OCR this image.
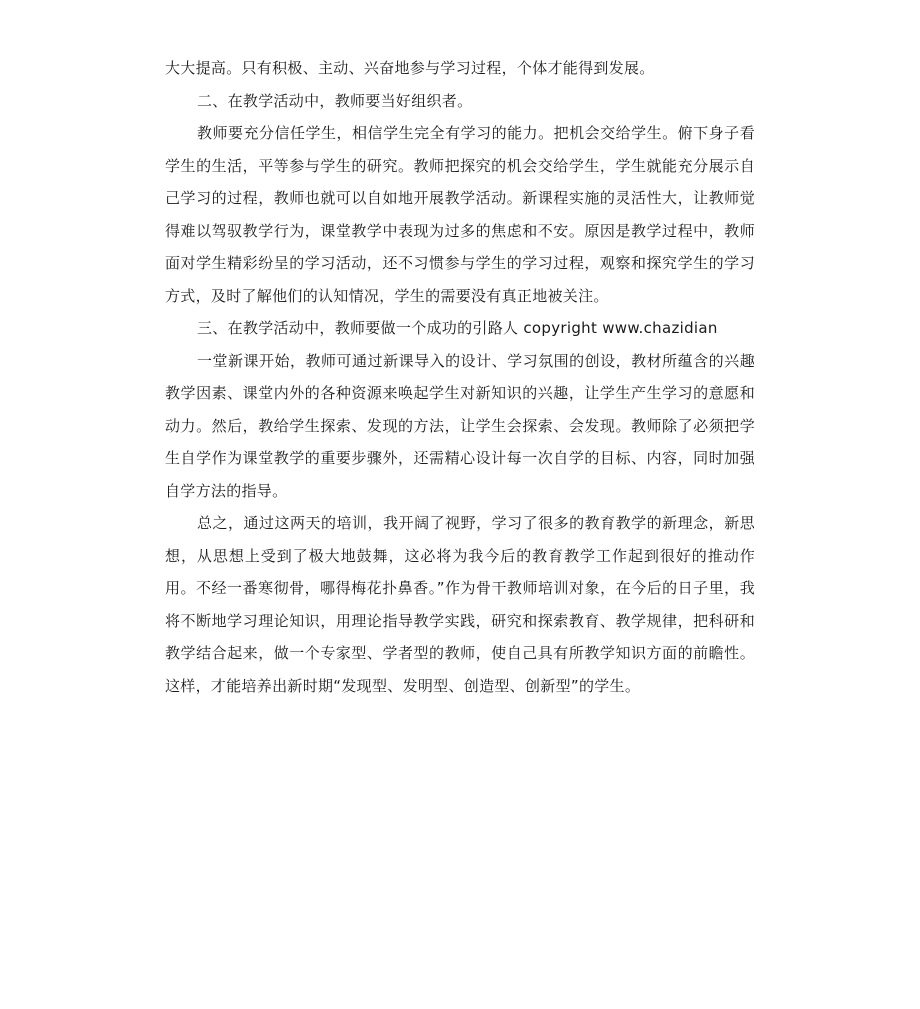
大大提高。只有积极、主动、兴奋地参与学习过程，个体才能得到发展。

二、在教学活动中，教师要当好组织者。

教师要充分信任学生，相信学生完全有学习的能力。把机会交给学生。俯下身子看学生的生活，平等参与学生的研究。教师把探究的机会交给学生，学生就能充分展示自己学习的过程，教师也就可以自如地开展教学活动。新课程实施的灵活性大，让教师觉得难以驾驭教学行为，课堂教学中表现为过多的焦虑和不安。原因是教学过程中，教师面对学生精彩纷呈的学习活动，还不习惯参与学生的学习过程，观察和探究学生的学习方式，及时了解他们的认知情况，学生的需要没有真正地被关注。

三、在教学活动中，教师要做一个成功的引路人 copyright www.chazidian

一堂新课开始，教师可通过新课导入的设计、学习氛围的创设，教材所蕴含的兴趣教学因素、课堂内外的各种资源来唤起学生对新知识的兴趣，让学生产生学习的意愿和动力。然后，教给学生探索、发现的方法，让学生会探索、会发现。教师除了必须把学生自学作为课堂教学的重要步骤外，还需精心设计每一次自学的目标、内容，同时加强自学方法的指导。

总之，通过这两天的培训，我开阔了视野，学习了很多的教育教学的新理念，新思想，从思想上受到了极大地鼓舞，这必将为我今后的教育教学工作起到很好的推动作用。不经一番寒彻骨，哪得梅花扑鼻香。”作为骨干教师培训对象，在今后的日子里，我将不断地学习理论知识，用理论指导教学实践，研究和探索教育、教学规律，把科研和教学结合起来，做一个专家型、学者型的教师，使自己具有所教学知识方面的前瞻性。这样，才能培养出新时期“发现型、发明型、创造型、创新型”的学生。
